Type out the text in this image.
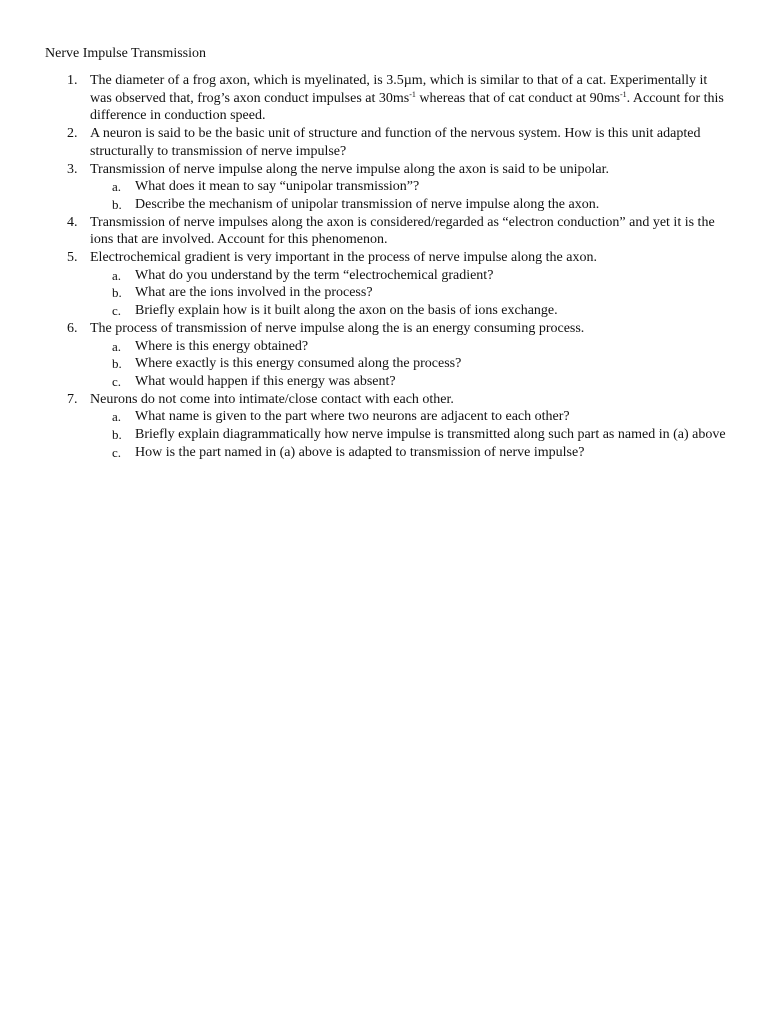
Nerve Impulse Transmission
1. The diameter of a frog axon, which is myelinated, is 3.5µm, which is similar to that of a cat. Experimentally it was observed that, frog’s axon conduct impulses at $30ms^{-1}$ whereas that of cat conduct at $90ms^{-1}$. Account for this difference in conduction speed.
2. A neuron is said to be the basic unit of structure and function of the nervous system. How is this unit adapted structurally to transmission of nerve impulse?
3. Transmission of nerve impulse along the nerve impulse along the axon is said to be unipolar.
a. What does it mean to say “unipolar transmission”?
b. Describe the mechanism of unipolar transmission of nerve impulse along the axon.
4. Transmission of nerve impulses along the axon is considered/regarded as “electron conduction” and yet it is the ions that are involved. Account for this phenomenon.
5. Electrochemical gradient is very important in the process of nerve impulse along the axon.
a. What do you understand by the term “electrochemical gradient?
b. What are the ions involved in the process?
c. Briefly explain how is it built along the axon on the basis of ions exchange.
6. The process of transmission of nerve impulse along the is an energy consuming process.
a. Where is this energy obtained?
b. Where exactly is this energy consumed along the process?
c. What would happen if this energy was absent?
7. Neurons do not come into intimate/close contact with each other.
a. What name is given to the part where two neurons are adjacent to each other?
b. Briefly explain diagrammatically how nerve impulse is transmitted along such part as named in (a) above
c. How is the part named in (a) above is adapted to transmission of nerve impulse?
